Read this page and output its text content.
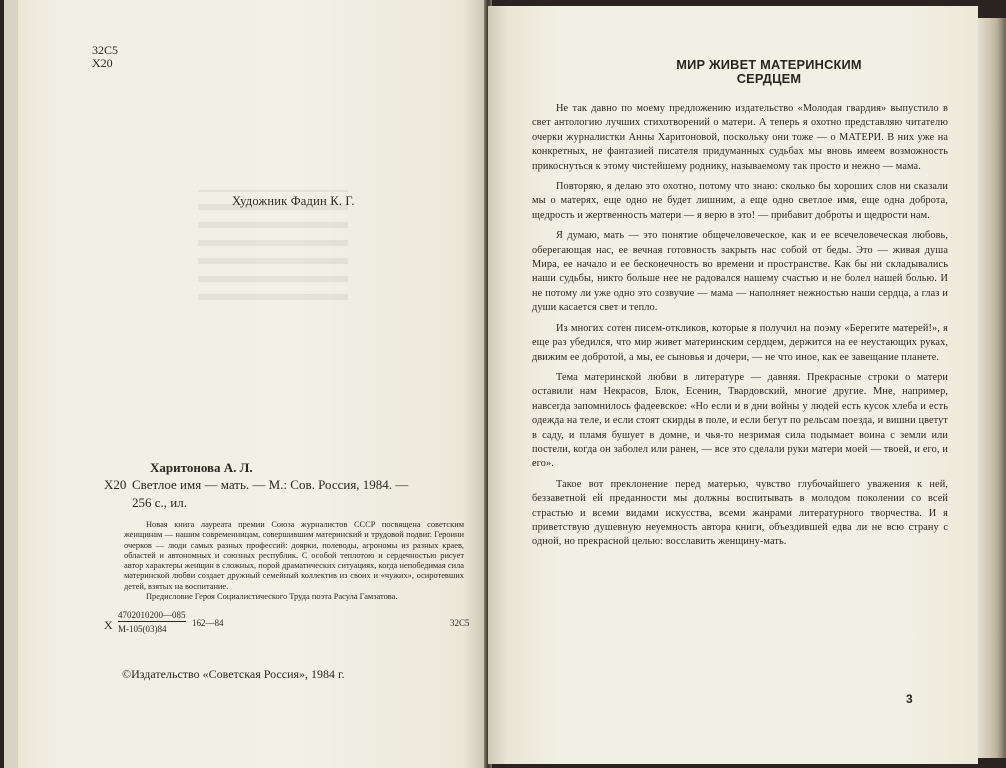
32С5
Х20
Художник Фадин К. Г.
Харитонова А. Л.
Х20 Светлое имя — мать. — М.: Сов. Россия, 1984. —
256 с., ил.

Новая книга лауреата премии Союза журналистов СССР посвящена советским женщинам — нашим современницам, совершившим материнский и трудовой подвиг. Героини очерков — люди самых разных профессий: доярки, полеводы, агрономы из разных краев, областей и автономных и союзных республик. С особой теплотою и сердечностью рисует автор характеры женщин в сложных, порой драматических ситуациях, когда непобедимая сила материнской любви создает дружный семейный коллектив из своих и «чужих», осиротевших детей, взятых на воспитание.

Предисловие Героя Социалистического Труда поэта Расула Гамзатова.

Х
4702010200—085
М-105(03)84
162—84	32С5
©Издательство «Советская Россия», 1984 г.
МИР ЖИВЕТ МАТЕРИНСКИМ СЕРДЦЕМ

Не так давно по моему предложению издательство «Молодая гвардия» выпустило в свет антологию лучших стихотворений о матери. А теперь я охотно представляю читателю очерки журналистки Анны Харитоновой, поскольку они тоже — о МАТЕРИ. В них уже на конкретных, не фантазией писателя придуманных судьбах мы вновь имеем возможность прикоснуться к этому чистейшему роднику, называемому так просто и нежно — мама.

Повторяю, я делаю это охотно, потому что знаю: сколько бы хороших слов ни сказали мы о матерях, еще одно не будет лишним, а еще одно светлое имя, еще одна доброта, щедрость и жертвенность матери — я верю в это! — прибавит доброты и щедрости нам.

Я думаю, мать — это понятие общечеловеческое, как и ее всечеловеческая любовь, оберегающая нас, ее вечная готовность закрыть нас собой от беды. Это — живая душа Мира, ее начало и ее бесконечность во времени и пространстве. Как бы ни складывались наши судьбы, никто больше нее не радовался нашему счастью и не болел нашей болью. И не потому ли уже одно это созвучие — мама — наполняет нежностью наши сердца, а глаз и души касается свет и тепло.

Из многих сотен писем-откликов, которые я получил на поэму «Берегите матерей!», я еще раз убедился, что мир живет материнским сердцем, держится на ее неустающих руках, движим ее добротой, а мы, ее сыновья и дочери, — не что иное, как ее завещание планете.

Тема материнской любви в литературе — давняя. Прекрасные строки о матери оставили нам Некрасов, Блок, Есенин, Твардовский, многие другие. Мне, например, навсегда запомнилось фадеевское: «Но если и в дни войны у людей есть кусок хлеба и есть одежда на теле, и если стоят скирды в поле, и если бегут по рельсам поезда, и вишни цветут в саду, и пламя бушует в домне, и чья-то незримая сила подымает воина с земли или постели, когда он заболел или ранен, — все это сделали руки матери моей — твоей, и его, и его».

Такое вот преклонение перед матерью, чувство глубочайшего уважения к ней, беззаветной ей преданности мы должны воспитывать в молодом поколении со всей страстью и всеми видами искусства, всеми жанрами литературного творчества. И я приветствую душевную неуемность автора книги, объездившей едва ли не всю страну с одной, но прекрасной целью: восславить женщину-мать.

3
